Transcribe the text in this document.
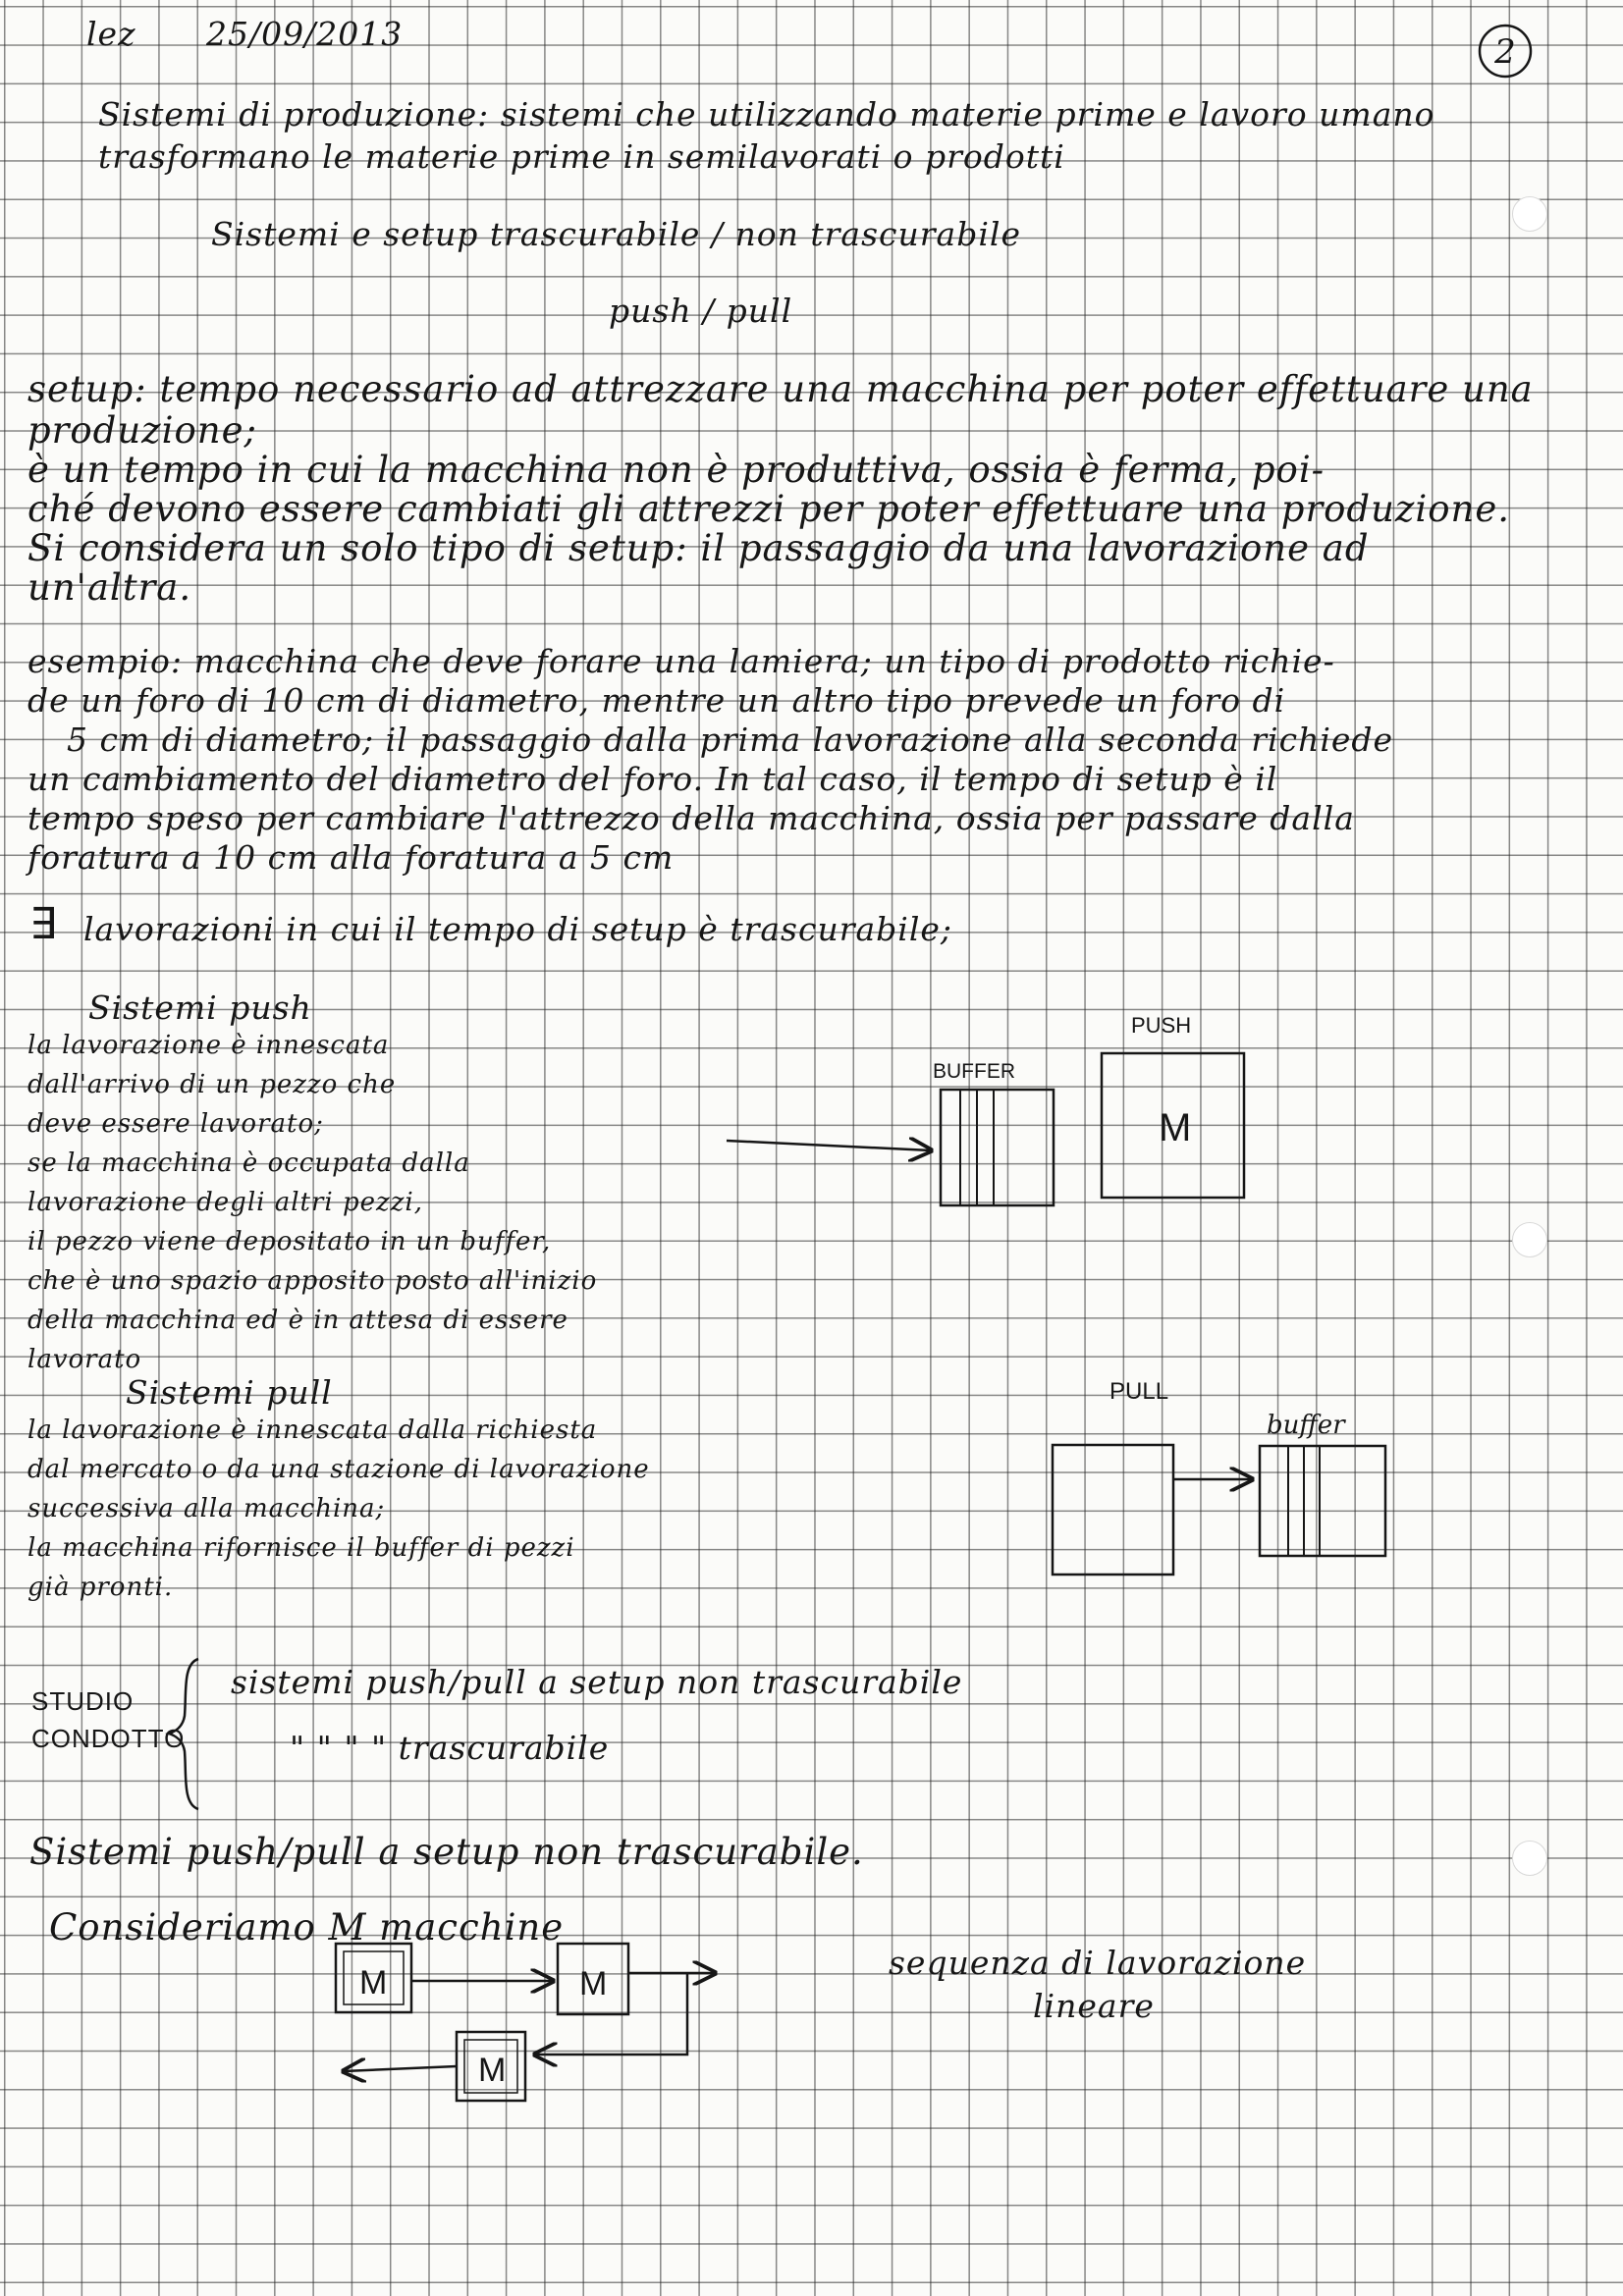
lez 25/09/2013	2
Sistemi di produzione: sistemi che utilizzando materie prime e lavoro umano
trasformano le materie prime in semilavorati o prodotti
Sistemi e setup trascurabile / non trascurabile
push / pull
setup: tempo necessario ad attrezzare una macchina per poter effettuare una
produzione;
è un tempo in cui la macchina non è produttiva, ossia è ferma, poi-
ché devono essere cambiati gli attrezzi per poter effettuare una produzione.
Si considera un solo tipo di setup: il passaggio da una lavorazione ad
un'altra.
esempio: macchina che deve forare una lamiera; un tipo di prodotto richie-
de un foro di 10 cm di diametro, mentre un altro tipo prevede un foro di
5 cm di diametro; il passaggio dalla prima lavorazione alla seconda richiede
un cambiamento del diametro del foro. In tal caso, il tempo di setup è il
tempo speso per cambiare l'attrezzo della macchina, ossia per passare dalla
foratura a 10 cm alla foratura a 5 cm
∃ lavorazioni in cui il tempo di setup è trascurabile;
Sistemi push
la lavorazione è innescata
dall'arrivo di un pezzo che
deve essere lavorato;
se la macchina è occupata dalla
lavorazione degli altri pezzi,
il pezzo viene depositato in un buffer,
che è uno spazio apposito posto all'inizio
della macchina ed è in attesa di essere
lavorato
Sistemi pull
la lavorazione è innescata dalla richiesta
dal mercato o da una stazione di lavorazione
successiva alla macchina;
la macchina rifornisce il buffer di pezzi
già pronti.
STUDIO
CONDOTTO
sistemi push/pull a setup non trascurabile
" " " " trascurabile
Sistemi push/pull a setup non trascurabile.
Consideriamo M macchine
sequenza di lavorazione
lineare
PUSH
M
BUFFER
PULL
buffer
M	M
M
